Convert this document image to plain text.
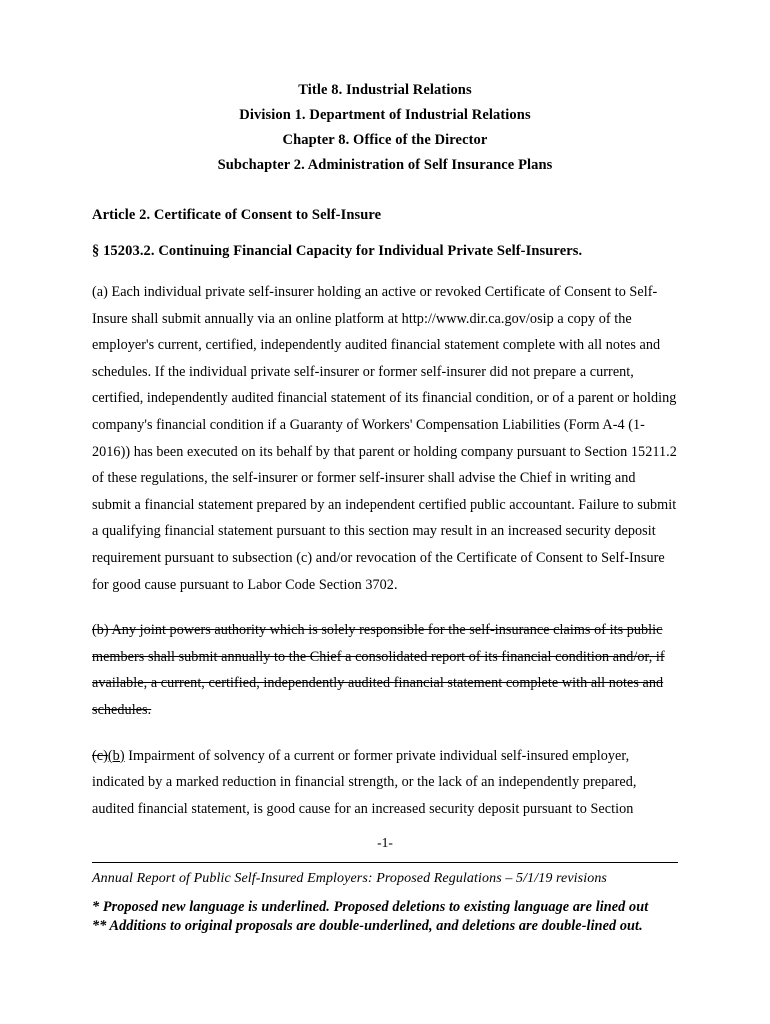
Title 8. Industrial Relations
Division 1. Department of Industrial Relations
Chapter 8. Office of the Director
Subchapter 2. Administration of Self Insurance Plans
Article 2. Certificate of Consent to Self-Insure
§ 15203.2. Continuing Financial Capacity for Individual Private Self-Insurers.
(a) Each individual private self-insurer holding an active or revoked Certificate of Consent to Self-Insure shall submit annually via an online platform at http://www.dir.ca.gov/osip a copy of the employer's current, certified, independently audited financial statement complete with all notes and schedules. If the individual private self-insurer or former self-insurer did not prepare a current, certified, independently audited financial statement of its financial condition, or of a parent or holding company's financial condition if a Guaranty of Workers' Compensation Liabilities (Form A-4 (1-2016)) has been executed on its behalf by that parent or holding company pursuant to Section 15211.2 of these regulations, the self-insurer or former self-insurer shall advise the Chief in writing and submit a financial statement prepared by an independent certified public accountant. Failure to submit a qualifying financial statement pursuant to this section may result in an increased security deposit requirement pursuant to subsection (c) and/or revocation of the Certificate of Consent to Self-Insure for good cause pursuant to Labor Code Section 3702.
(b) Any joint powers authority which is solely responsible for the self-insurance claims of its public members shall submit annually to the Chief a consolidated report of its financial condition and/or, if available, a current, certified, independently audited financial statement complete with all notes and schedules.
(c)(b) Impairment of solvency of a current or former private individual self-insured employer, indicated by a marked reduction in financial strength, or the lack of an independently prepared, audited financial statement, is good cause for an increased security deposit pursuant to Section
-1-
Annual Report of Public Self-Insured Employers: Proposed Regulations – 5/1/19 revisions
* Proposed new language is underlined. Proposed deletions to existing language are lined out
** Additions to original proposals are double-underlined, and deletions are double-lined out.
